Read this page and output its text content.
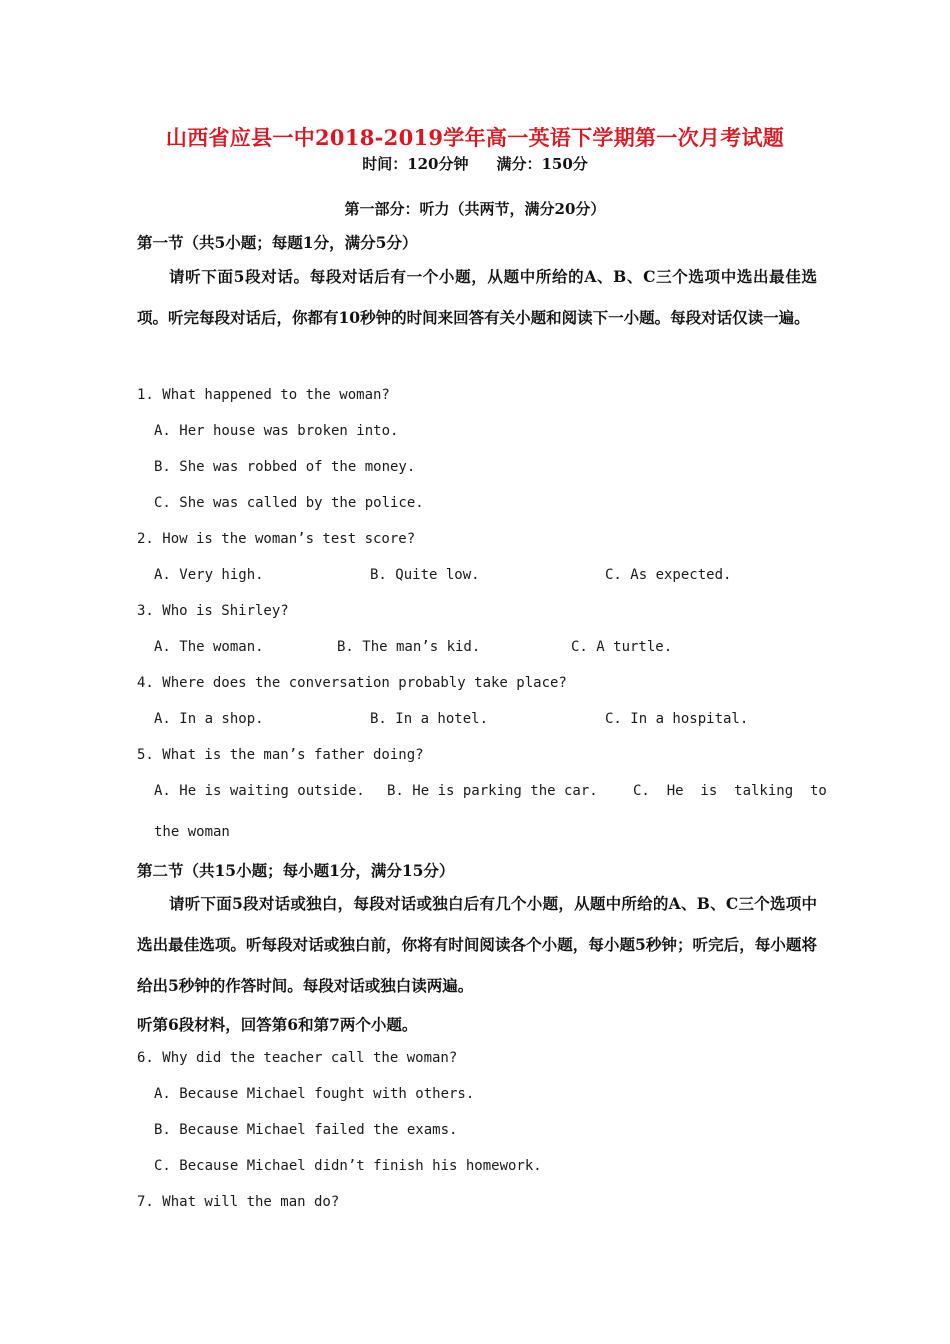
山西省应县一中2018-2019学年高一英语下学期第一次月考试题
时间：120分钟 满分：150分
第一部分：听力（共两节，满分20分）
第一节（共5小题；每题1分，满分5分）
请听下面5段对话。每段对话后有一个小题，从题中所给的A、B、C三个选项中选出最佳选项。听完每段对话后，你都有10秒钟的时间来回答有关小题和阅读下一小题。每段对话仅读一遍。
1. What happened to the woman?
A. Her house was broken into.
B. She was robbed of the money.
C. She was called by the police.
2. How is the woman’s test score?
A. Very high.	B. Quite low.	C. As expected.
3. Who is Shirley?
A. The woman.	B. The man’s kid.	C. A turtle.
4. Where does the conversation probably take place?
A. In a shop.	B. In a hotel.	C. In a hospital.
5. What is the man’s father doing?
A. He is waiting outside. B. He is parking the car.	C.  He  is  talking  to
the woman
第二节（共15小题；每小题1分，满分15分）
请听下面5段对话或独白，每段对话或独白后有几个小题，从题中所给的A、B、C三个选项中选出最佳选项。听每段对话或独白前，你将有时间阅读各个小题，每小题5秒钟；听完后，每小题将给出5秒钟的作答时间。每段对话或独白读两遍。
听第6段材料，回答第6和第7两个小题。
6. Why did the teacher call the woman?
A. Because Michael fought with others.
B. Because Michael failed the exams.
C. Because Michael didn’t finish his homework.
7. What will the man do?
